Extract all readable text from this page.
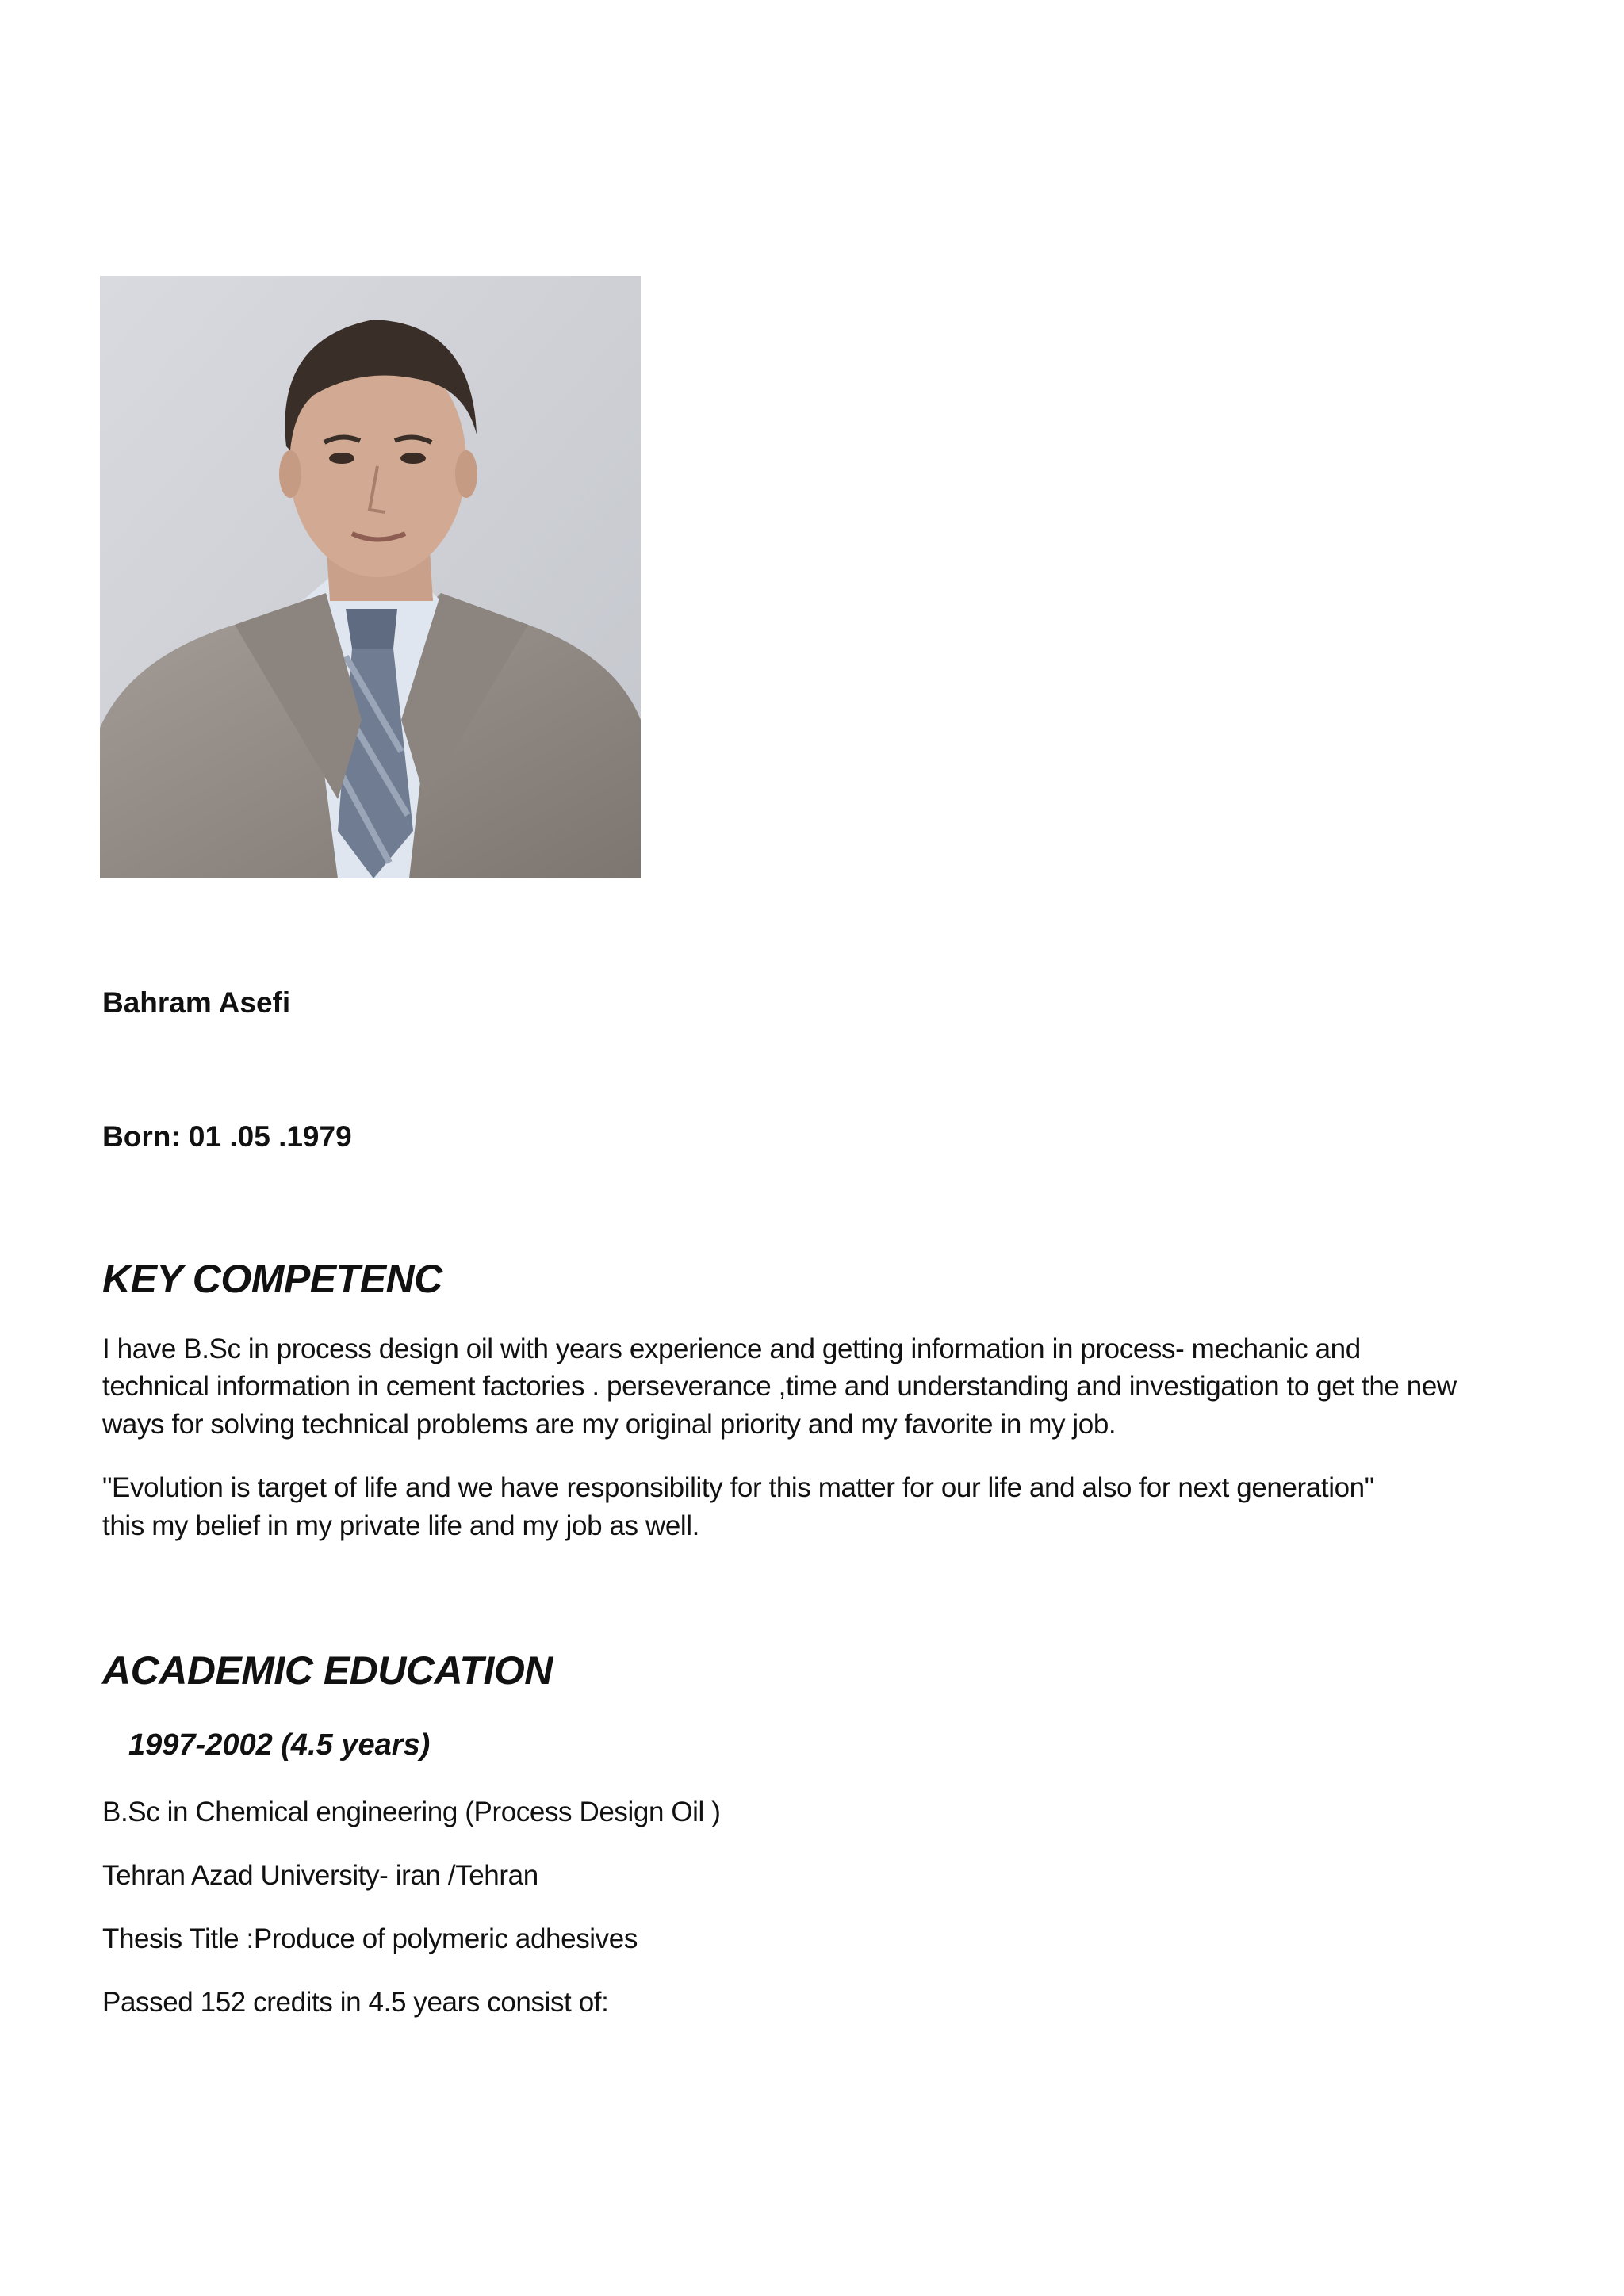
Bahram Asefi
Born: 01 .05 .1979
KEY COMPETENC
I have B.Sc in process design oil with years experience and getting information in process- mechanic and
technical information in cement factories . perseverance ,time and understanding and investigation to get the new
ways for solving technical problems are my original priority and my favorite in my job.
"Evolution is target of life and we have responsibility for this matter for our life and also for next generation"
this my belief in my private life and my job as well.
ACADEMIC EDUCATION
1997-2002 (4.5 years)
B.Sc in Chemical engineering (Process Design Oil )
Tehran Azad University- iran /Tehran
Thesis Title :Produce of polymeric adhesives
Passed 152 credits in 4.5 years consist of:
